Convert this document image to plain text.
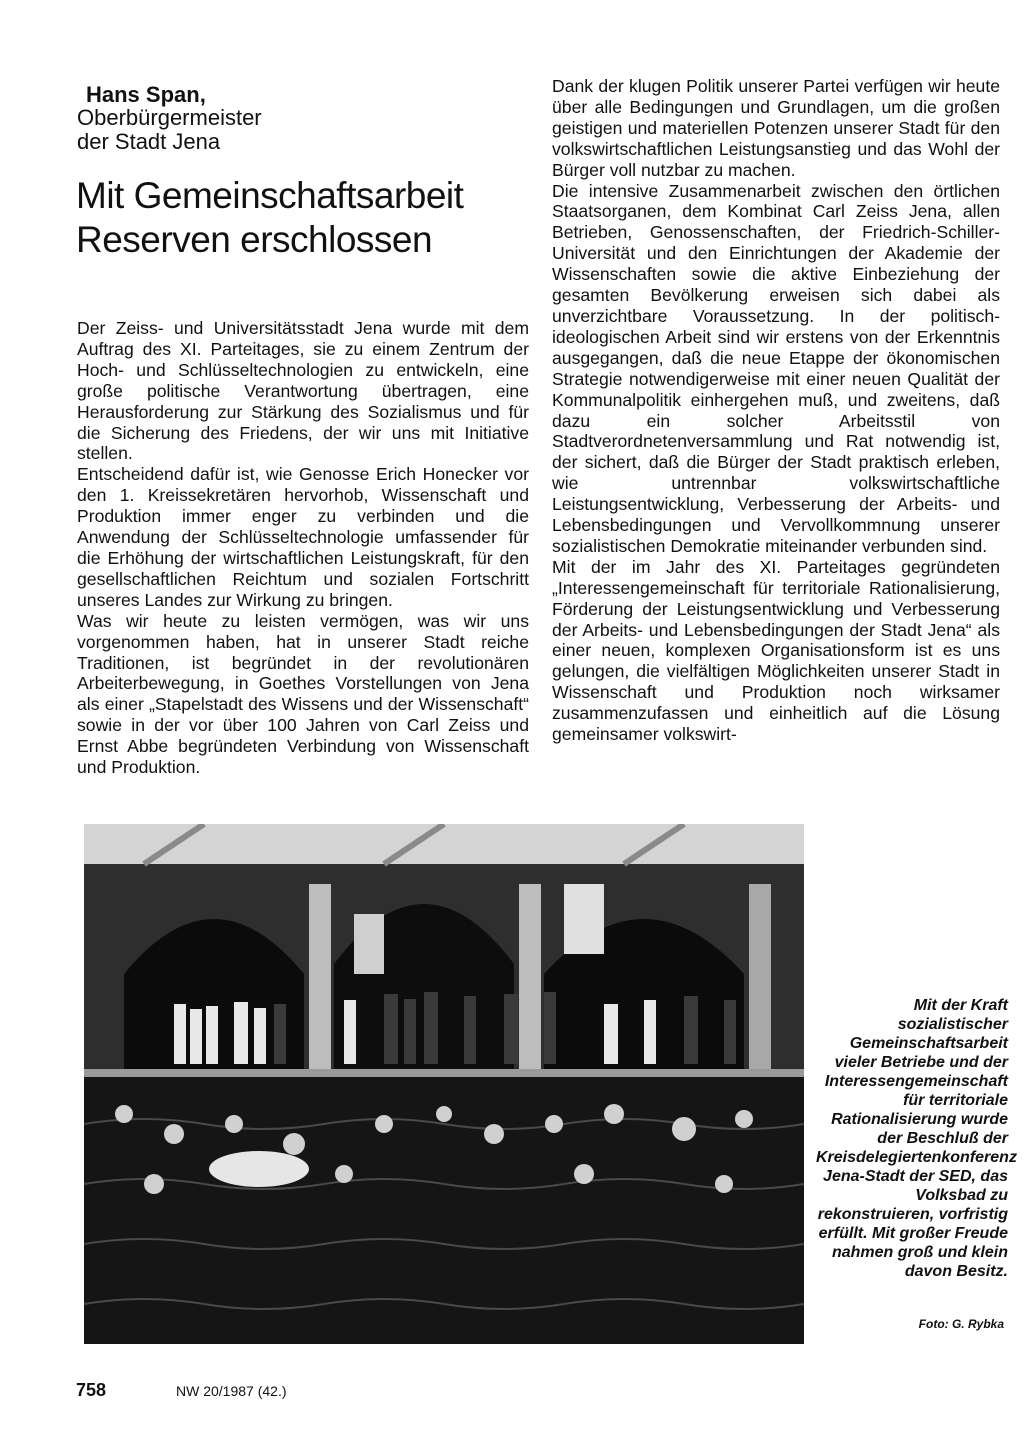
Hans Span,
Oberbürgermeister
der Stadt Jena
Mit Gemeinschaftsarbeit
Reserven erschlossen

Der Zeiss- und Universitätsstadt Jena wurde mit dem Auftrag des XI. Parteitages, sie zu einem Zentrum der Hoch- und Schlüsseltechnologien zu entwickeln, eine große politische Verantwortung übertragen, eine Herausforderung zur Stärkung des Sozialismus und für die Sicherung des Friedens, der wir uns mit Initiative stellen.

Entscheidend dafür ist, wie Genosse Erich Honecker vor den 1. Kreissekretären hervorhob, Wissenschaft und Produktion immer enger zu verbinden und die Anwendung der Schlüsseltechnologie umfassender für die Erhöhung der wirtschaftlichen Leistungskraft, für den gesellschaftlichen Reichtum und sozialen Fortschritt unseres Landes zur Wirkung zu bringen.

Was wir heute zu leisten vermögen, was wir uns vorgenommen haben, hat in unserer Stadt reiche Traditionen, ist begründet in der revolutionären Arbeiterbewegung, in Goethes Vorstellungen von Jena als einer „Stapelstadt des Wissens und der Wissenschaft“ sowie in der vor über 100 Jahren von Carl Zeiss und Ernst Abbe begründeten Verbindung von Wissenschaft und Produktion.

Dank der klugen Politik unserer Partei verfügen wir heute über alle Bedingungen und Grundlagen, um die großen geistigen und materiellen Potenzen unserer Stadt für den volkswirtschaftlichen Leistungsanstieg und das Wohl der Bürger voll nutzbar zu machen.

Die intensive Zusammenarbeit zwischen den örtlichen Staatsorganen, dem Kombinat Carl Zeiss Jena, allen Betrieben, Genossenschaften, der Friedrich-Schiller-Universität und den Einrichtungen der Akademie der Wissenschaften sowie die aktive Einbeziehung der gesamten Bevölkerung erweisen sich dabei als unverzichtbare Voraussetzung. In der politisch-ideologischen Arbeit sind wir erstens von der Erkenntnis ausgegangen, daß die neue Etappe der ökonomischen Strategie notwendigerweise mit einer neuen Qualität der Kommunalpolitik einhergehen muß, und zweitens, daß dazu ein solcher Arbeitsstil von Stadtverordnetenversammlung und Rat notwendig ist, der sichert, daß die Bürger der Stadt praktisch erleben, wie untrennbar volkswirtschaftliche Leistungsentwicklung, Verbesserung der Arbeits- und Lebensbedingungen und Vervollkommnung unserer sozialistischen Demokratie miteinander verbunden sind.

Mit der im Jahr des XI. Parteitages gegründeten „Interessengemeinschaft für territoriale Rationalisierung, Förderung der Leistungsentwicklung und Verbesserung der Arbeits- und Lebensbedingungen der Stadt Jena“ als einer neuen, komplexen Organisationsform ist es uns gelungen, die vielfältigen Möglichkeiten unserer Stadt in Wissenschaft und Produktion noch wirksamer zusammenzufassen und einheitlich auf die Lösung gemeinsamer volkswirt-

Mit der Kraft sozialistischer Gemeinschaftsarbeit vieler Betriebe und der Interessengemeinschaft für territoriale Rationalisierung wurde der Beschluß der Kreisdelegiertenkonferenz Jena-Stadt der SED, das Volksbad zu rekonstruieren, vorfristig erfüllt. Mit großer Freude nahmen groß und klein davon Besitz.
Foto: G. Rybka
758	NW 20/1987 (42.)
